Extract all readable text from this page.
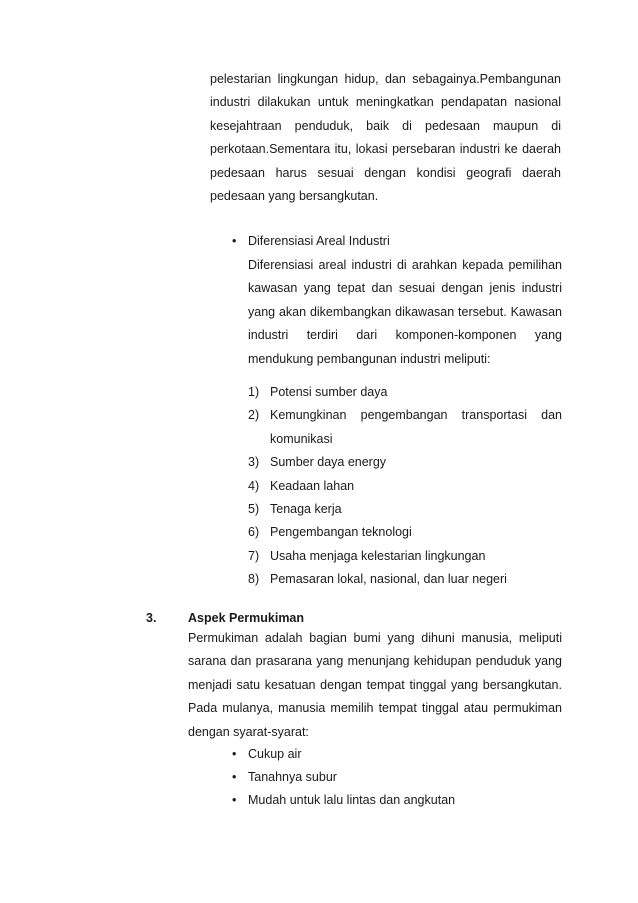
pelestarian lingkungan hidup, dan sebagainya.Pembangunan industri dilakukan untuk meningkatkan pendapatan nasional kesejahtraan penduduk, baik di pedesaan maupun di perkotaan.Sementara itu, lokasi persebaran industri ke daerah pedesaan harus sesuai dengan kondisi geografi daerah pedesaan yang bersangkutan.

• Diferensiasi Areal Industri

Diferensiasi areal industri di arahkan kepada pemilihan kawasan yang tepat dan sesuai dengan jenis industri yang akan dikembangkan dikawasan tersebut. Kawasan industri terdiri dari komponen-komponen yang mendukung pembangunan industri meliputi:

1) Potensi sumber daya
2) Kemungkinan pengembangan transportasi dan komunikasi
3) Sumber daya energy
4) Keadaan lahan
5) Tenaga kerja
6) Pengembangan teknologi
7) Usaha menjaga kelestarian lingkungan
8) Pemasaran lokal, nasional, dan luar negeri
3.	Aspek Permukiman

Permukiman adalah bagian bumi yang dihuni manusia, meliputi sarana dan prasarana yang menunjang kehidupan penduduk yang menjadi satu kesatuan dengan tempat tinggal yang bersangkutan. Pada mulanya, manusia memilih tempat tinggal atau permukiman dengan syarat-syarat:

• Cukup air
• Tanahnya subur
• Mudah untuk lalu lintas dan angkutan
